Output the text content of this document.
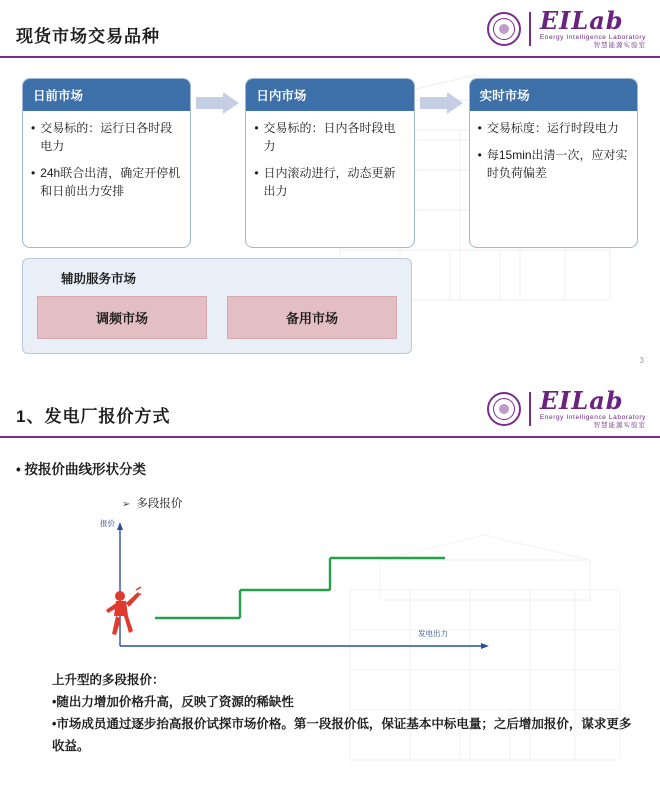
现货市场交易品种
EILab
Energy Intelligence Laboratory
智慧能源实验室
日前市场
• 交易标的：运行日各时段电力
• 24h联合出清，确定开停机和日前出力安排
日内市场
• 交易标的：日内各时段电力
• 日内滚动进行，动态更新出力
实时市场
• 交易标度：运行时段电力
• 每15min出清一次，应对实时负荷偏差
辅助服务市场
调频市场	备用市场
3
1、发电厂报价方式
EILab
Energy Intelligence Laboratory
智慧能源实验室
• 按报价曲线形状分类
➢ 多段报价
报价
发电出力

上升型的多段报价：

•随出力增加价格升高，反映了资源的稀缺性

•市场成员通过逐步抬高报价试探市场价格。第一段报价低，保证基本中标电量；之后增加报价，谋求更多收益。
